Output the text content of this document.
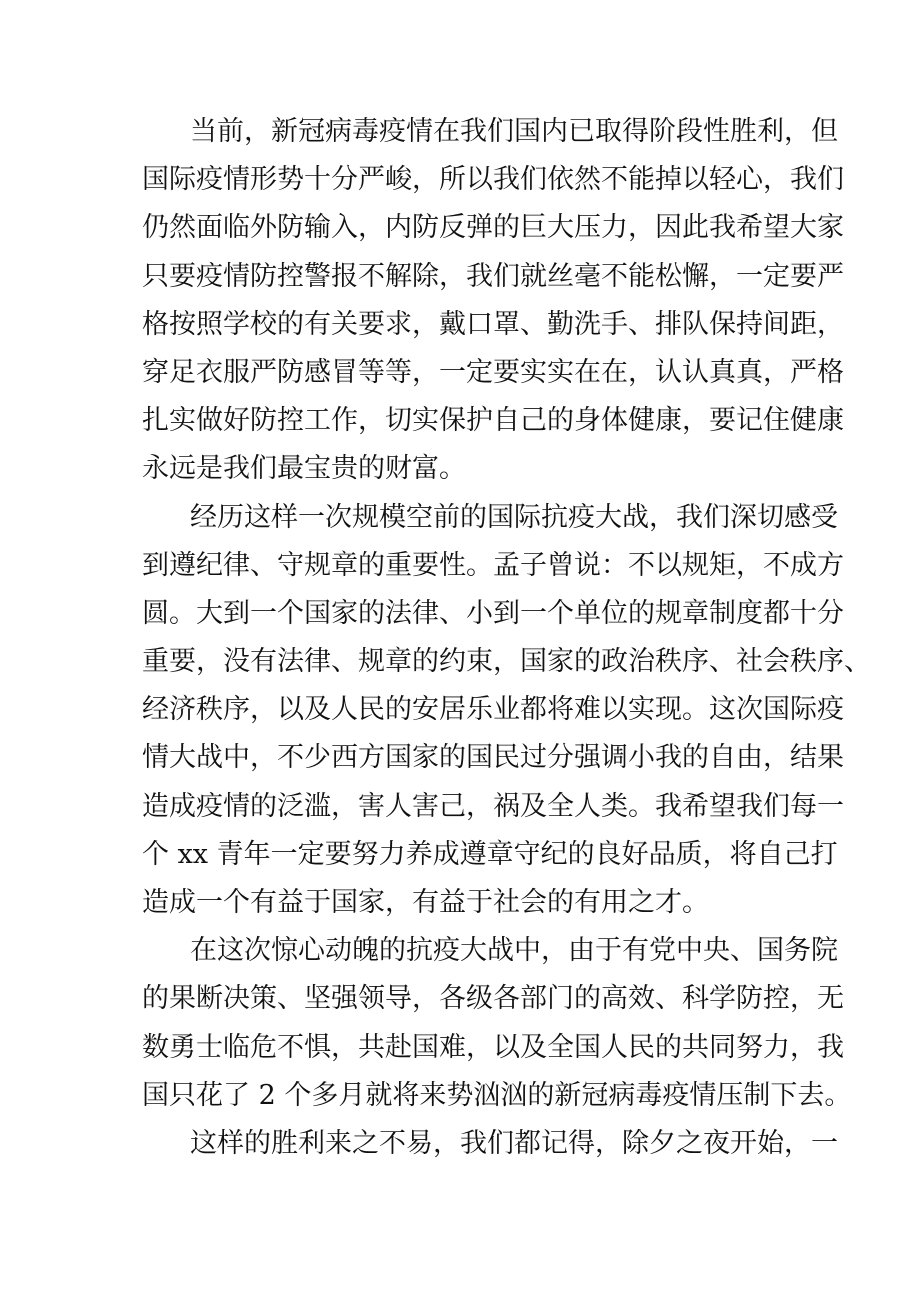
当前，新冠病毒疫情在我们国内已取得阶段性胜利，但
国际疫情形势十分严峻，所以我们依然不能掉以轻心，我们
仍然面临外防输入，内防反弹的巨大压力，因此我希望大家
只要疫情防控警报不解除，我们就丝毫不能松懈，一定要严
格按照学校的有关要求，戴口罩、勤洗手、排队保持间距，
穿足衣服严防感冒等等，一定要实实在在，认认真真，严格
扎实做好防控工作，切实保护自己的身体健康，要记住健康
永远是我们最宝贵的财富。
经历这样一次规模空前的国际抗疫大战，我们深切感受
到遵纪律、守规章的重要性。孟子曾说：不以规矩，不成方
圆。大到一个国家的法律、小到一个单位的规章制度都十分
重要，没有法律、规章的约束，国家的政治秩序、社会秩序、
经济秩序，以及人民的安居乐业都将难以实现。这次国际疫
情大战中，不少西方国家的国民过分强调小我的自由，结果
造成疫情的泛滥，害人害己，祸及全人类。我希望我们每一
个 xx 青年一定要努力养成遵章守纪的良好品质，将自己打
造成一个有益于国家，有益于社会的有用之才。
在这次惊心动魄的抗疫大战中，由于有党中央、国务院
的果断决策、坚强领导，各级各部门的高效、科学防控，无
数勇士临危不惧，共赴国难，以及全国人民的共同努力，我
国只花了 2 个多月就将来势汹汹的新冠病毒疫情压制下去。
这样的胜利来之不易，我们都记得，除夕之夜开始，一
